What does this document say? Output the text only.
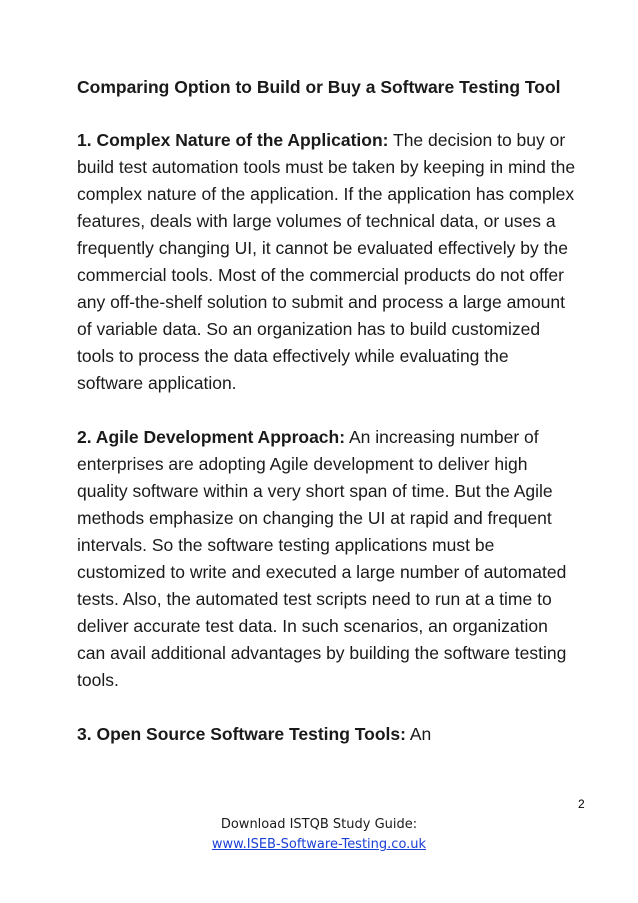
Comparing Option to Build or Buy a Software Testing Tool

1. Complex Nature of the Application: The decision to buy or build test automation tools must be taken by keeping in mind the complex nature of the application. If the application has complex features, deals with large volumes of technical data, or uses a frequently changing UI, it cannot be evaluated effectively by the commercial tools. Most of the commercial products do not offer any off-the-shelf solution to submit and process a large amount of variable data. So an organization has to build customized tools to process the data effectively while evaluating the software application.

2. Agile Development Approach: An increasing number of enterprises are adopting Agile development to deliver high quality software within a very short span of time. But the Agile methods emphasize on changing the UI at rapid and frequent intervals. So the software testing applications must be customized to write and executed a large number of automated tests. Also, the automated test scripts need to run at a time to deliver accurate test data. In such scenarios, an organization can avail additional advantages by building the software testing tools.

3. Open Source Software Testing Tools: An

2
Download ISTQB Study Guide:
www.ISEB-Software-Testing.co.uk
